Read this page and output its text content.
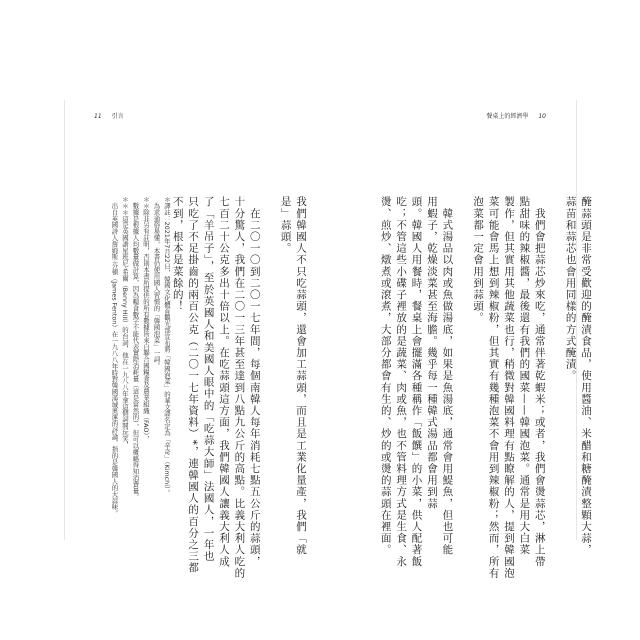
11 引言	餐桌上的經濟學 10
醃蒜頭是非常受歡迎的醃漬食品，使用醬油、米醋和糖醃漬整顆大蒜，
蒜苗和蒜芯也會用同樣的方式醃漬。

　我們會把蒜芯炒來吃，通常伴著乾蝦米；或者，我們會燙蒜芯，淋上帶
點甜味的辣椒醬，最後還有我們的國菜——韓國泡菜。通常是用大白菜
製作，但其實用其他蔬菜也行，稍微對韓國料理有點瞭解的人，提到韓國泡
菜可能會馬上想到辣椒粉，但其實有幾種泡菜不會用到辣椒粉；然而，所有
泡菜都一定會用到蒜頭。

　韓式湯品以肉或魚做湯底，如果是魚湯底，通常會用鯷魚，但也可能
用蝦子，乾燥淡菜甚至海膽。幾乎每一種韓式湯品都會用到蒜
頭。韓國人用餐時，餐桌上會擺滿各種稱作「飯饌」的小菜，供人配著飯
吃；不管這些小碟子裡放的是蔬菜、肉或魚，也不管料理方式是生食、永
燙、煎炒、燉煮或滾煮，大部分都會有生的、炒的或燙的蒜頭在裡面。
我們韓國人不只吃蒜頭，還會加工蒜頭，而且是工業化量產，我們「就
是」蒜頭。

　在二〇一〇到二〇一七年間，每個南韓人每年消耗七點五公斤的蒜頭，
十分驚人，我們在二〇一三年甚至達到八點九公斤的高點。比義大利人吃的
七百二十公克多出十倍以上。在吃蒜頭這方面，我們韓國人讓義大利人成
了「羊吊子」，至於英國人和美國人眼中的「吃蒜大師」法國人，一年也
只吃了不足掛齒的兩百公克（二〇一七年資料）*，連韓國人的百分之三都
不到，根本是菜餘的！
＊譯註：2021年7月22日，韓國文化體育觀光部宣布將「韓國泡菜」的華文譯名定為「辛奇」（Kimchi）。
　為求通俗易懂，本書仍使用國人習慣的「韓國泡菜」一詞。
＊＊除非另有註明，否則本書所提供的所有數據皆來自聯合國糧食及農業組織（FAO），
　數據是根據人均數量做計算，因為糧食數字不能代表實際消耗量（這是當然的），但可以概略得知消費量。
＊＊＊這是英國諧星班尼·希爾（Benny Hill）的台詞，他在一九八八年拿這個詞開玩笑，
　出自英國詩人詹姆斯·芬頓（James Fenton）在一九八八年時對韓國漢城奧運的評論，指的是韓國人的大蒜味。
